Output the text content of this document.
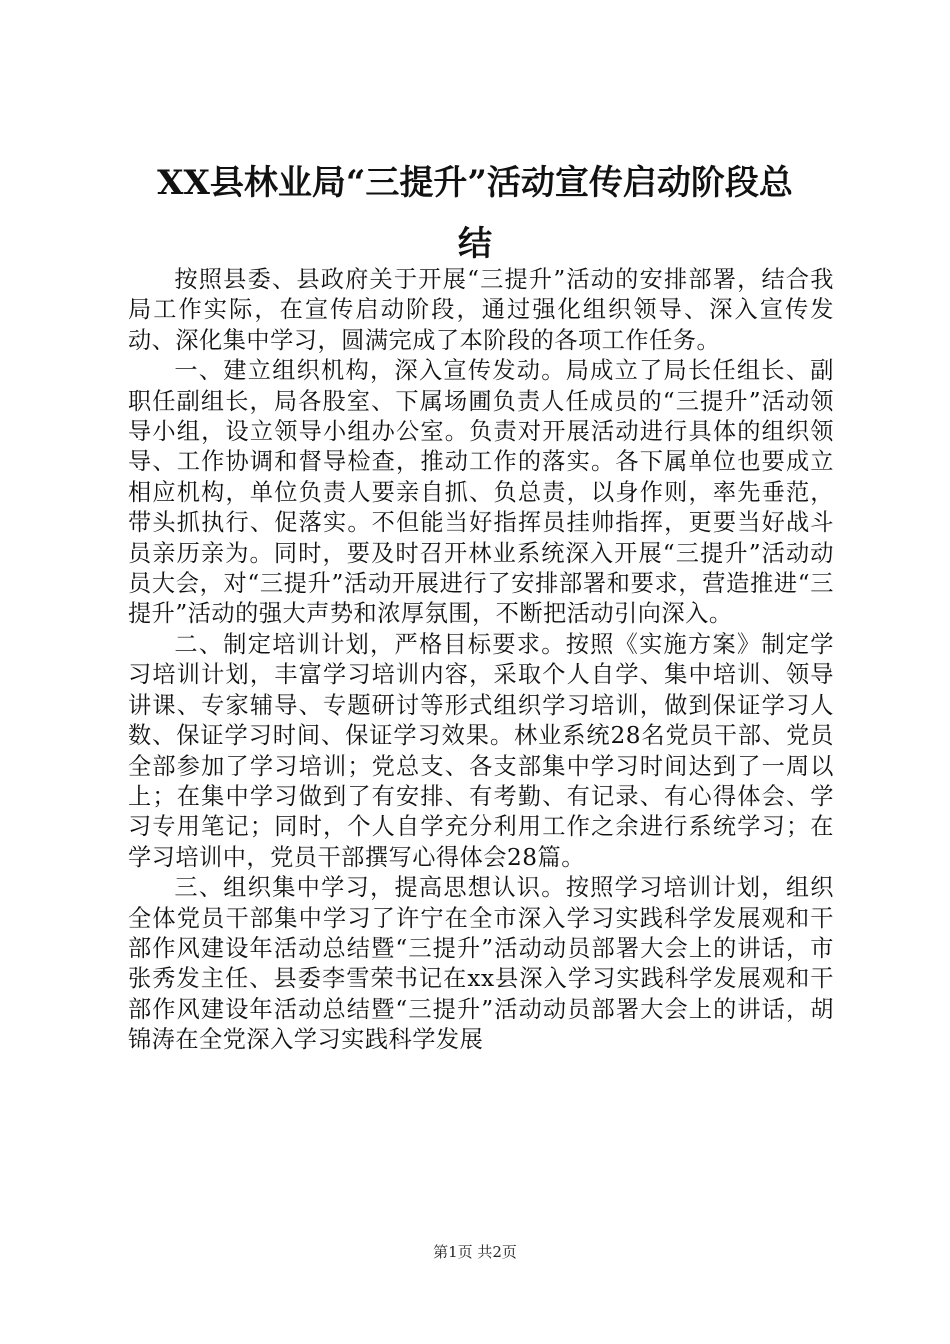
XX县林业局“三提升”活动宣传启动阶段总
结

按照县委、县政府关于开展“三提升”活动的安排部署，结合我局工作实际，在宣传启动阶段，通过强化组织领导、深入宣传发动、深化集中学习，圆满完成了本阶段的各项工作任务。

一、建立组织机构，深入宣传发动。局成立了局长任组长、副职任副组长，局各股室、下属场圃负责人任成员的“三提升”活动领导小组，设立领导小组办公室。负责对开展活动进行具体的组织领导、工作协调和督导检查，推动工作的落实。各下属单位也要成立相应机构，单位负责人要亲自抓、负总责，以身作则，率先垂范，带头抓执行、促落实。不但能当好指挥员挂帅指挥，更要当好战斗员亲历亲为。同时，要及时召开林业系统深入开展“三提升”活动动员大会，对“三提升”活动开展进行了安排部署和要求，营造推进“三提升”活动的强大声势和浓厚氛围，不断把活动引向深入。

二、制定培训计划，严格目标要求。按照《实施方案》制定学习培训计划，丰富学习培训内容，采取个人自学、集中培训、领导讲课、专家辅导、专题研讨等形式组织学习培训，做到保证学习人数、保证学习时间、保证学习效果。林业系统28名党员干部、党员全部参加了学习培训；党总支、各支部集中学习时间达到了一周以上；在集中学习做到了有安排、有考勤、有记录、有心得体会、学习专用笔记；同时，个人自学充分利用工作之余进行系统学习；在学习培训中，党员干部撰写心得体会28篇。

三、组织集中学习，提高思想认识。按照学习培训计划，组织全体党员干部集中学习了许宁在全市深入学习实践科学发展观和干部作风建设年活动总结暨“三提升”活动动员部署大会上的讲话，市张秀发主任、县委李雪荣书记在xx县深入学习实践科学发展观和干部作风建设年活动总结暨“三提升”活动动员部署大会上的讲话，胡锦涛在全党深入学习实践科学发展

第1页 共2页
